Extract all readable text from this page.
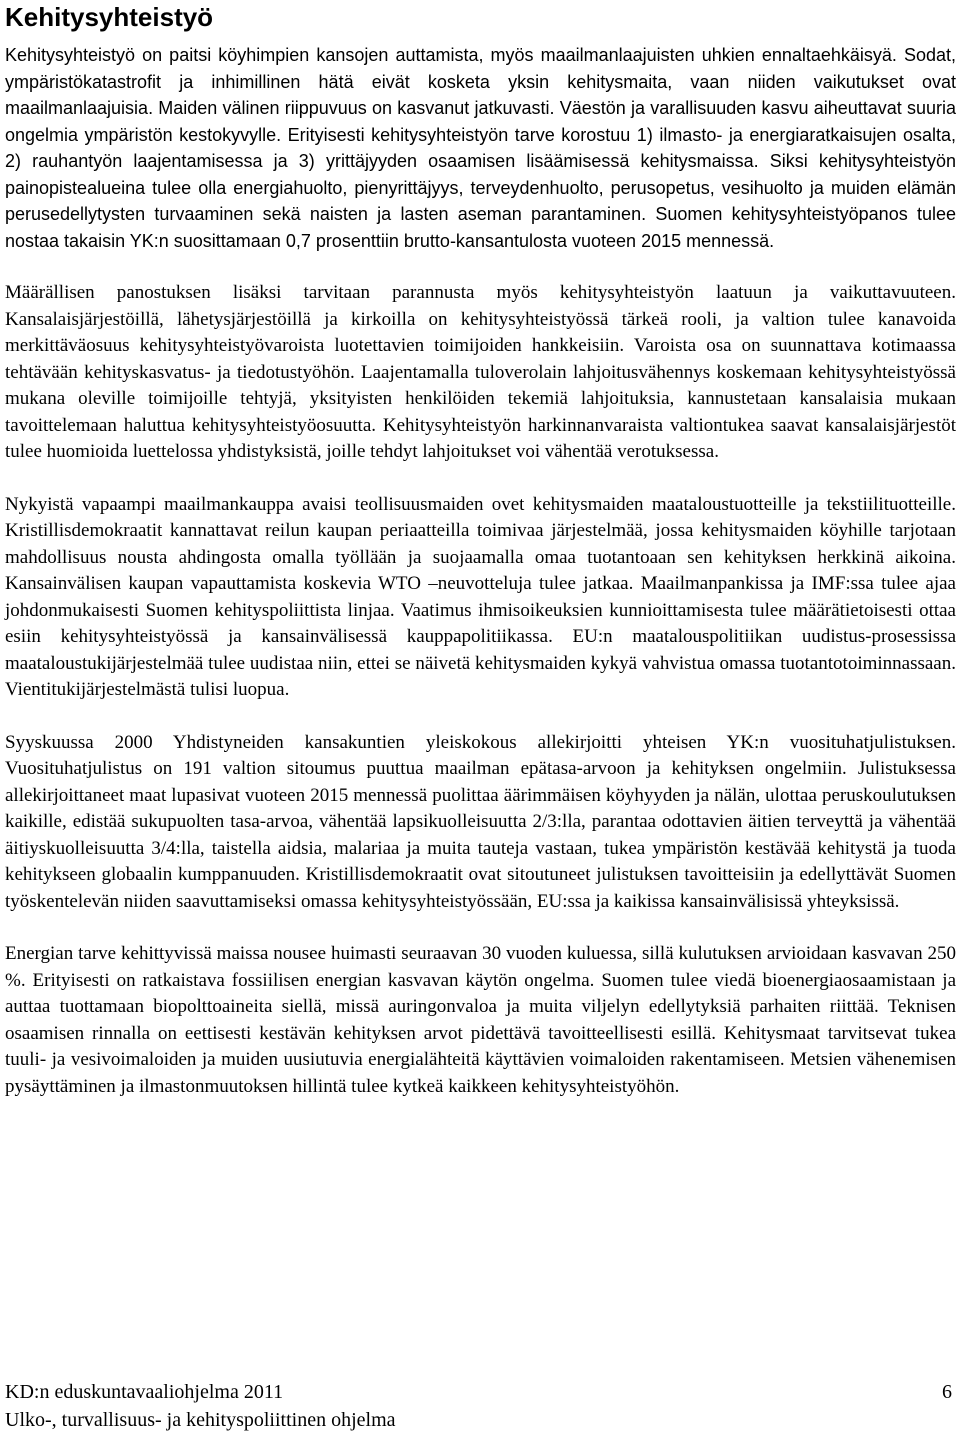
Kehitysyhteistyö

Kehitysyhteistyö on paitsi köyhimpien kansojen auttamista, myös maailmanlaajuisten uhkien ennaltaehkäisyä. Sodat, ympäristökatastrofit ja inhimillinen hätä eivät kosketa yksin kehitysmaita, vaan niiden vaikutukset ovat maailmanlaajuisia. Maiden välinen riippuvuus on kasvanut jatkuvasti. Väestön ja varallisuuden kasvu aiheuttavat suuria ongelmia ympäristön kestokyvylle. Erityisesti kehitysyhteistyön tarve korostuu 1) ilmasto- ja energiaratkaisujen osalta, 2) rauhantyön laajentamisessa ja 3) yrittäjyyden osaamisen lisäämisessä kehitysmaissa. Siksi kehitysyhteistyön painopistealueina tulee olla energiahuolto, pienyrittäjyys, terveydenhuolto, perusopetus, vesihuolto ja muiden elämän perusedellytysten turvaaminen sekä naisten ja lasten aseman parantaminen. Suomen kehitysyhteistyöpanos tulee nostaa takaisin YK:n suosittamaan 0,7 prosenttiin brutto-kansantulosta vuoteen 2015 mennessä.

Määrällisen panostuksen lisäksi tarvitaan parannusta myös kehitysyhteistyön laatuun ja vaikuttavuuteen. Kansalaisjärjestöillä, lähetysjärjestöillä ja kirkoilla on kehitysyhteistyössä tärkeä rooli, ja valtion tulee kanavoida merkittäväosuus kehitysyhteistyövaroista luotettavien toimijoiden hankkeisiin. Varoista osa on suunnattava kotimaassa tehtävään kehityskasvatus- ja tiedotustyöhön. Laajentamalla tuloverolain lahjoitusvähennys koskemaan kehitysyhteistyössä mukana oleville toimijoille tehtyjä, yksityisten henkilöiden tekemiä lahjoituksia, kannustetaan kansalaisia mukaan tavoittelemaan haluttua kehitysyhteistyöosuutta. Kehitysyhteistyön harkinnanvaraista valtiontukea saavat kansalaisjärjestöt tulee huomioida luettelossa yhdistyksistä, joille tehdyt lahjoitukset voi vähentää verotuksessa.

Nykyistä vapaampi maailmankauppa avaisi teollisuusmaiden ovet kehitysmaiden maataloustuotteille ja tekstiilituotteille. Kristillisdemokraatit kannattavat reilun kaupan periaatteilla toimivaa järjestelmää, jossa kehitysmaiden köyhille tarjotaan mahdollisuus nousta ahdingosta omalla työllään ja suojaamalla omaa tuotantoaan sen kehityksen herkkinä aikoina. Kansainvälisen kaupan vapauttamista koskevia WTO –neuvotteluja tulee jatkaa. Maailmanpankissa ja IMF:ssa tulee ajaa johdonmukaisesti Suomen kehityspoliittista linjaa. Vaatimus ihmisoikeuksien kunnioittamisesta tulee määrätietoisesti ottaa esiin kehitysyhteistyössä ja kansainvälisessä kauppapolitiikassa. EU:n maatalouspolitiikan uudistus-prosessissa maataloustukijärjestelmää tulee uudistaa niin, ettei se näivetä kehitysmaiden kykyä vahvistua omassa tuotantotoiminnassaan. Vientitukijärjestelmästä tulisi luopua.

Syyskuussa 2000 Yhdistyneiden kansakuntien yleiskokous allekirjoitti yhteisen YK:n vuosituhatjulistuksen. Vuosituhatjulistus on 191 valtion sitoumus puuttua maailman epätasa-arvoon ja kehityksen ongelmiin. Julistuksessa allekirjoittaneet maat lupasivat vuoteen 2015 mennessä puolittaa äärimmäisen köyhyyden ja nälän, ulottaa peruskoulutuksen kaikille, edistää sukupuolten tasa-arvoa, vähentää lapsikuolleisuutta 2/3:lla, parantaa odottavien äitien terveyttä ja vähentää äitiyskuolleisuutta 3/4:lla, taistella aidsia, malariaa ja muita tauteja vastaan, tukea ympäristön kestävää kehitystä ja tuoda kehitykseen globaalin kumppanuuden. Kristillisdemokraatit ovat sitoutuneet julistuksen tavoitteisiin ja edellyttävät Suomen työskentelevän niiden saavuttamiseksi omassa kehitysyhteistyössään, EU:ssa ja kaikissa kansainvälisissä yhteyksissä.

Energian tarve kehittyvissä maissa nousee huimasti seuraavan 30 vuoden kuluessa, sillä kulutuksen arvioidaan kasvavan 250 %. Erityisesti on ratkaistava fossiilisen energian kasvavan käytön ongelma. Suomen tulee viedä bioenergiaosaamistaan ja auttaa tuottamaan biopolttoaineita siellä, missä auringonvaloa ja muita viljelyn edellytyksiä parhaiten riittää. Teknisen osaamisen rinnalla on eettisesti kestävän kehityksen arvot pidettävä tavoitteellisesti esillä. Kehitysmaat tarvitsevat tukea tuuli- ja vesivoimaloiden ja muiden uusiutuvia energialähteitä käyttävien voimaloiden rakentamiseen. Metsien vähenemisen pysäyttäminen ja ilmastonmuutoksen hillintä tulee kytkeä kaikkeen kehitysyhteistyöhön.

KD:n eduskuntavaaliohjelma 2011	6
Ulko-, turvallisuus- ja kehityspoliittinen ohjelma
